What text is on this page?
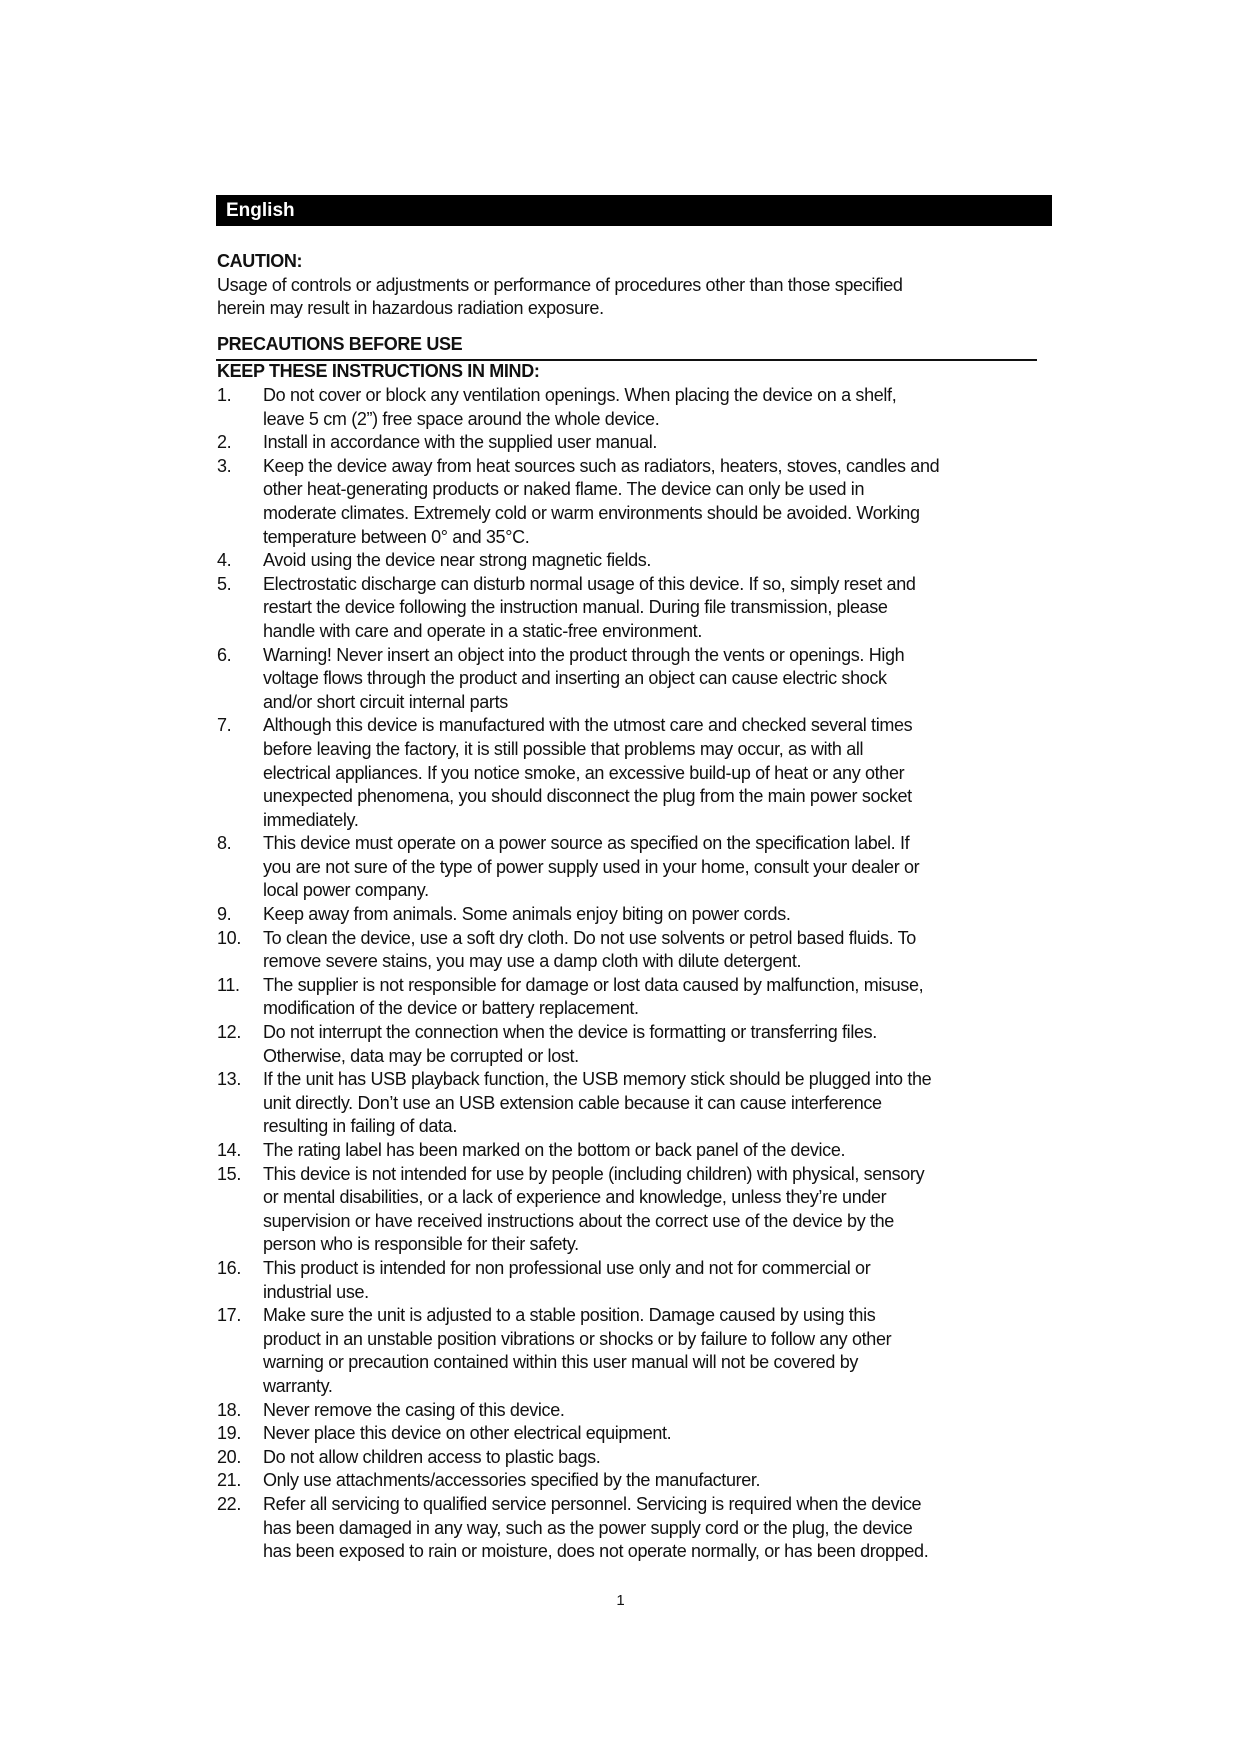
English
CAUTION:
Usage of controls or adjustments or performance of procedures other than those specified
herein may result in hazardous radiation exposure.
PRECAUTIONS BEFORE USE
KEEP THESE INSTRUCTIONS IN MIND:
1. Do not cover or block any ventilation openings. When placing the device on a shelf,
leave 5 cm (2”) free space around the whole device.
2. Install in accordance with the supplied user manual.
3. Keep the device away from heat sources such as radiators, heaters, stoves, candles and
other heat-generating products or naked flame. The device can only be used in
moderate climates. Extremely cold or warm environments should be avoided. Working
temperature between 0° and 35°C.
4. Avoid using the device near strong magnetic fields.
5. Electrostatic discharge can disturb normal usage of this device. If so, simply reset and
restart the device following the instruction manual. During file transmission, please
handle with care and operate in a static-free environment.
6. Warning! Never insert an object into the product through the vents or openings. High
voltage flows through the product and inserting an object can cause electric shock
and/or short circuit internal parts
7. Although this device is manufactured with the utmost care and checked several times
before leaving the factory, it is still possible that problems may occur, as with all
electrical appliances. If you notice smoke, an excessive build-up of heat or any other
unexpected phenomena, you should disconnect the plug from the main power socket
immediately.
8. This device must operate on a power source as specified on the specification label. If
you are not sure of the type of power supply used in your home, consult your dealer or
local power company.
9. Keep away from animals. Some animals enjoy biting on power cords.
10. To clean the device, use a soft dry cloth. Do not use solvents or petrol based fluids. To
remove severe stains, you may use a damp cloth with dilute detergent.
11. The supplier is not responsible for damage or lost data caused by malfunction, misuse,
modification of the device or battery replacement.
12. Do not interrupt the connection when the device is formatting or transferring files.
Otherwise, data may be corrupted or lost.
13. If the unit has USB playback function, the USB memory stick should be plugged into the
unit directly. Don’t use an USB extension cable because it can cause interference
resulting in failing of data.
14. The rating label has been marked on the bottom or back panel of the device.
15. This device is not intended for use by people (including children) with physical, sensory
or mental disabilities, or a lack of experience and knowledge, unless they’re under
supervision or have received instructions about the correct use of the device by the
person who is responsible for their safety.
16. This product is intended for non professional use only and not for commercial or
industrial use.
17. Make sure the unit is adjusted to a stable position. Damage caused by using this
product in an unstable position vibrations or shocks or by failure to follow any other
warning or precaution contained within this user manual will not be covered by
warranty.
18. Never remove the casing of this device.
19. Never place this device on other electrical equipment.
20. Do not allow children access to plastic bags.
21. Only use attachments/accessories specified by the manufacturer.
22. Refer all servicing to qualified service personnel. Servicing is required when the device
has been damaged in any way, such as the power supply cord or the plug, the device
has been exposed to rain or moisture, does not operate normally, or has been dropped.
1
